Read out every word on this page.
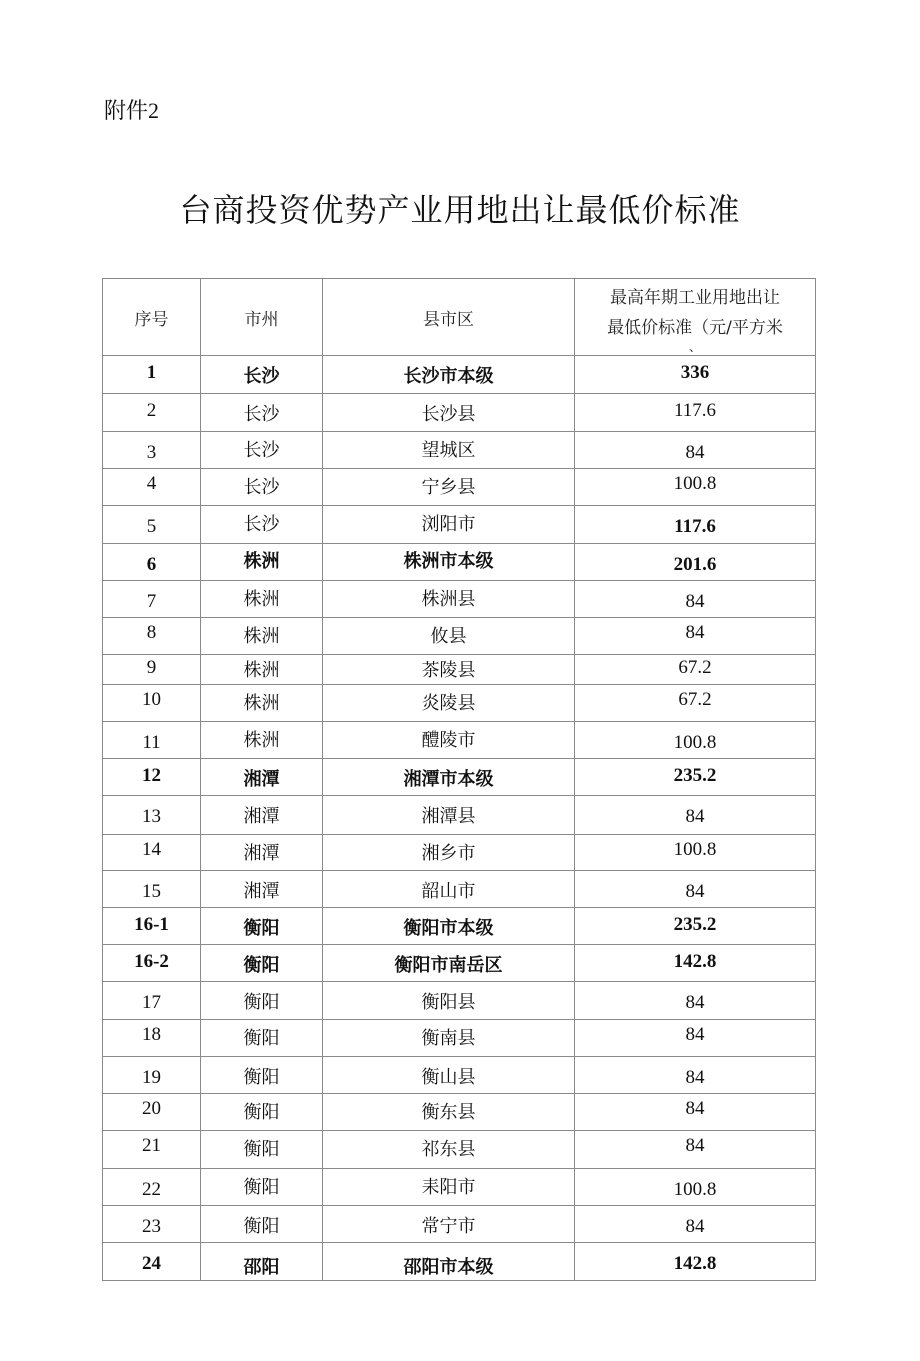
附件2
台商投资优势产业用地出让最低价标准
序号	市州	县市区	最高年期工业用地出让
最低价标准（元/平方米
、

1	长沙	长沙市本级	336

2	长沙	长沙县	117.6

3	长沙	望城区	84

4	长沙	宁乡县	100.8

5	长沙	浏阳市	117.6

6	株洲	株洲市本级	201.6

7	株洲	株洲县	84

8	株洲	攸县	84

9	株洲	茶陵县	67.2

10	株洲	炎陵县	67.2

11	株洲	醴陵市	100.8

12	湘潭	湘潭市本级	235.2

13	湘潭	湘潭县	84

14	湘潭	湘乡市	100.8

15	湘潭	韶山市	84

16-1	衡阳	衡阳市本级	235.2

16-2	衡阳	衡阳市南岳区	142.8

17	衡阳	衡阳县	84

18	衡阳	衡南县	84

19	衡阳	衡山县	84

20	衡阳	衡东县	84

21	衡阳	祁东县	84

22	衡阳	耒阳市	100.8

23	衡阳	常宁市	84

24	邵阳	邵阳市本级	142.8
